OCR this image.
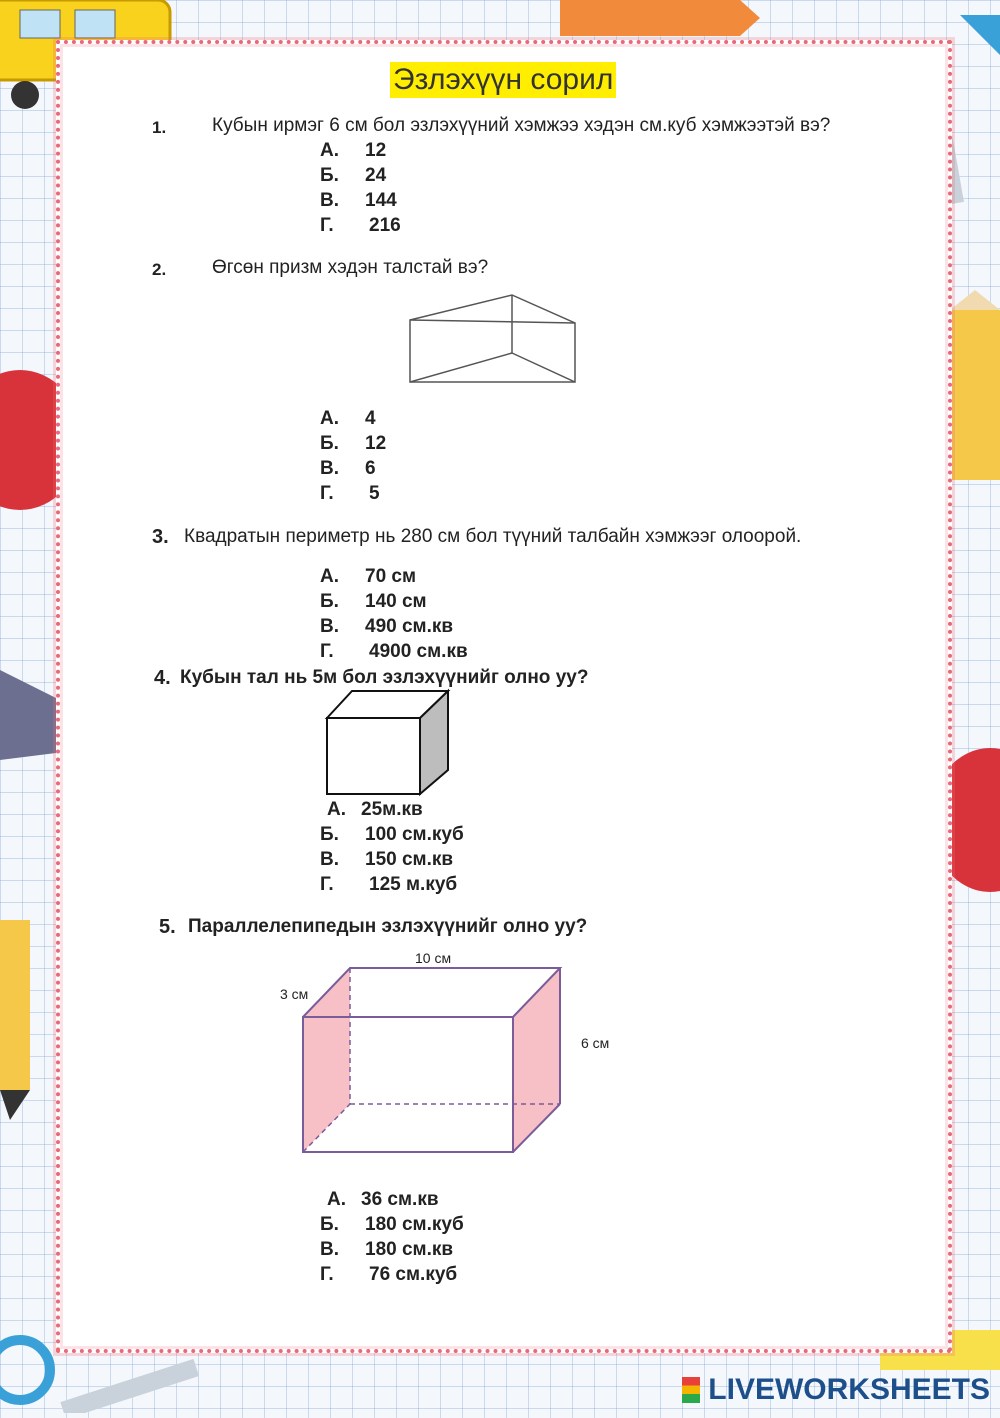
Эзлэхүүн сорил
1. Кубын ирмэг 6 см бол эзлэхүүний хэмжээ хэдэн см.куб хэмжээтэй вэ?
А.	12
Б.	24
В.	144
Г.	216
2. Өгсөн призм хэдэн талстай вэ?
А.	4
Б.	12
В.	6
Г.	5
3. Квадратын периметр нь 280 см бол түүний талбайн хэмжээг олоорой.
А.	70 см
Б.	140 см
В.	490 см.кв
Г.	4900 см.кв
4. Кубын тал нь 5м бол эзлэхүүнийг олно уу?
А. 25м.кв
Б.	100 см.куб
В.	150 см.кв
Г.	125 м.куб
5. Параллелепипедын эзлэхүүнийг олно уу?
10 см
3 см
6 см
А. 36 см.кв
Б.	180 см.куб
В.	180 см.кв
Г.	76 см.куб
LIVEWORKSHEETS
